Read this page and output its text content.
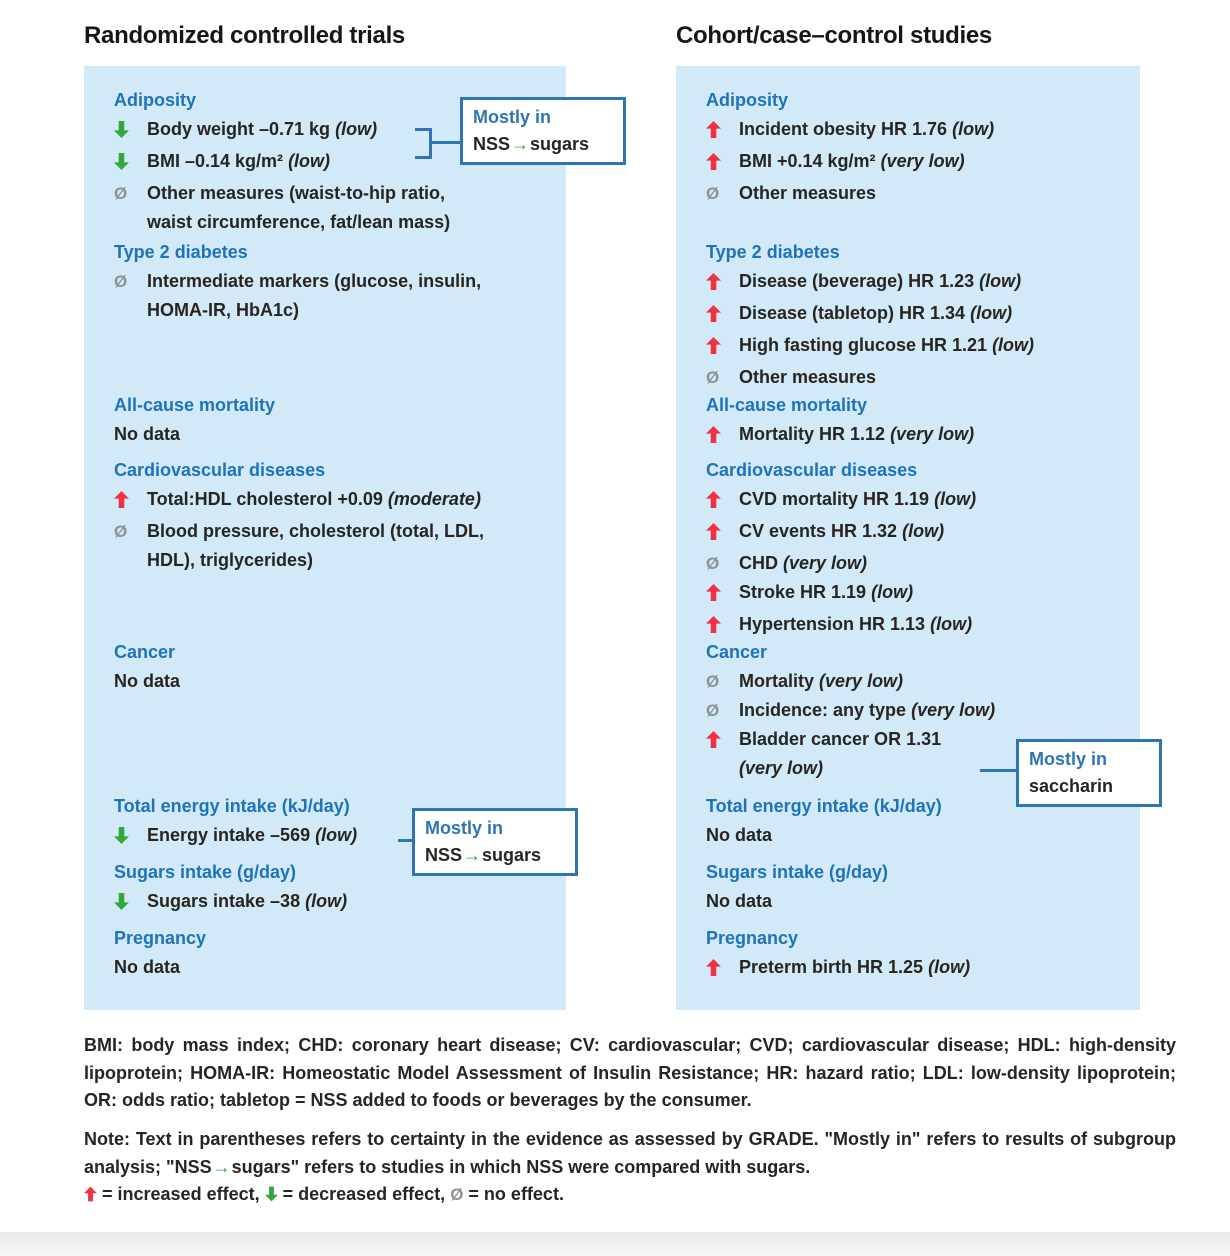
Randomized controlled trials	Cohort/case–control studies
Adiposity
Body weight –0.71 kg (low)
BMI –0.14 kg/m² (low)
Ø	Other measures (waist-to-hip ratio,
waist circumference, fat/lean mass)
Type 2 diabetes
Ø	Intermediate markers (glucose, insulin,
HOMA-IR, HbA1c)
All-cause mortality
No data
Cardiovascular diseases
Total:HDL cholesterol +0.09 (moderate)
Ø	Blood pressure, cholesterol (total, LDL,
HDL), triglycerides)
Cancer
No data
Total energy intake (kJ/day)
Energy intake –569 (low)
Sugars intake (g/day)
Sugars intake –38 (low)
Pregnancy
No data
Adiposity
Incident obesity HR 1.76 (low)
BMI +0.14 kg/m² (very low)
Ø	Other measures
Type 2 diabetes
Disease (beverage) HR 1.23 (low)
Disease (tabletop) HR 1.34 (low)
High fasting glucose HR 1.21 (low)
Ø	Other measures
All-cause mortality
Mortality HR 1.12 (very low)
Cardiovascular diseases
CVD mortality HR 1.19 (low)
CV events HR 1.32 (low)
Ø	CHD (very low)
Stroke HR 1.19 (low)
Hypertension HR 1.13 (low)
Cancer
Ø	Mortality (very low)
Ø	Incidence: any type (very low)
Bladder cancer OR 1.31
(very low)
Total energy intake (kJ/day)
No data
Sugars intake (g/day)
No data
Pregnancy
Preterm birth HR 1.25 (low)
Mostly in
NSS→sugars
Mostly in
NSS→sugars
Mostly in
saccharin
BMI: body mass index; CHD: coronary heart disease; CV: cardiovascular; CVD; cardiovascular disease; HDL: high-density lipoprotein; HOMA-IR: Homeostatic Model Assessment of Insulin Resistance; HR: hazard ratio; LDL: low-density lipoprotein; OR: odds ratio; tabletop = NSS added to foods or beverages by the consumer.
Note: Text in parentheses refers to certainty in the evidence as assessed by GRADE. "Mostly in" refers to results of subgroup analysis; "NSS→sugars" refers to studies in which NSS were compared with sugars.
= increased effect,  = decreased effect, Ø = no effect.
